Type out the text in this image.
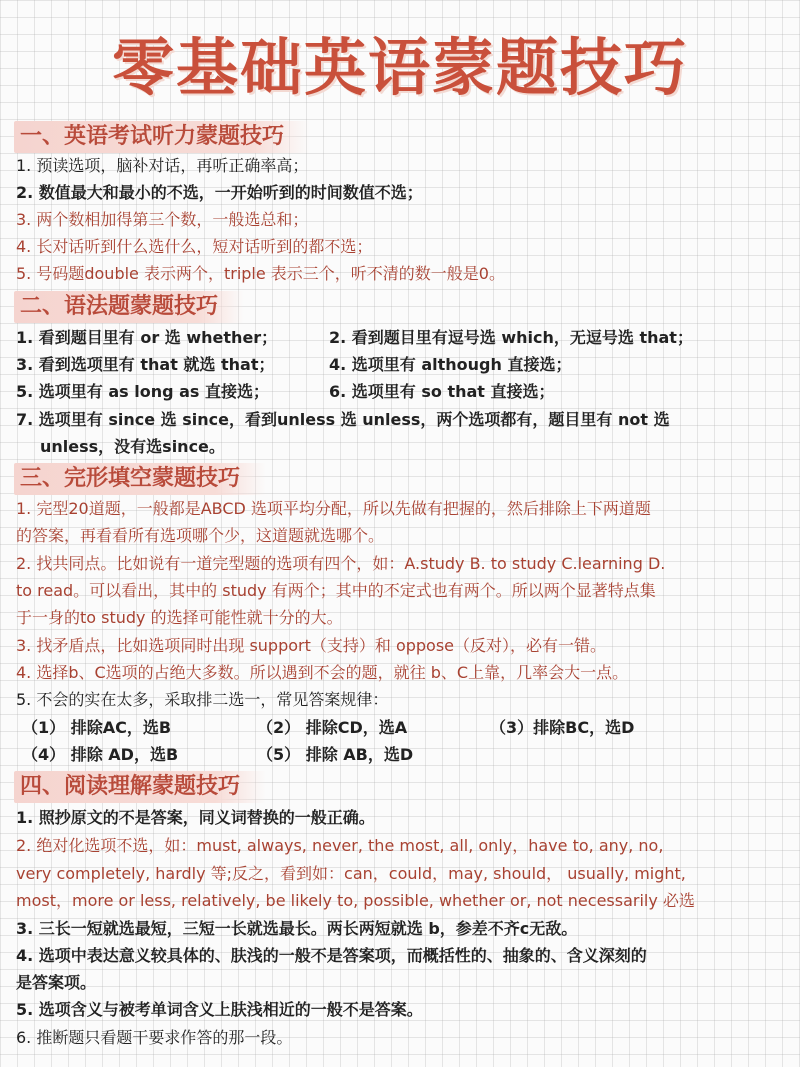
零基础英语蒙题技巧
一、英语考试听力蒙题技巧
1. 预读选项，脑补对话，再听正确率高；
2. 数值最大和最小的不选，一开始听到的时间数值不选；
3. 两个数相加得第三个数，一般选总和；
4. 长对话听到什么选什么，短对话听到的都不选；
5. 号码题double 表示两个，triple 表示三个，听不清的数一般是0。
二、语法题蒙题技巧
1. 看到题目里有 or 选 whether；	2. 看到题目里有逗号选 which，无逗号选 that；
3. 看到选项里有 that 就选 that；	4. 选项里有 although 直接选；
5. 选项里有 as long as 直接选；	6. 选项里有 so that 直接选；
7. 选项里有 since 选 since，看到unless 选 unless，两个选项都有，题目里有 not 选
unless，没有选since。
三、完形填空蒙题技巧
1. 完型20道题，一般都是ABCD 选项平均分配，所以先做有把握的，然后排除上下两道题
的答案，再看看所有选项哪个少，这道题就选哪个。
2. 找共同点。比如说有一道完型题的选项有四个，如：A.study B. to study C.learning D.
to read。可以看出，其中的 study 有两个；其中的不定式也有两个。所以两个显著特点集
于一身的to study 的选择可能性就十分的大。
3. 找矛盾点，比如选项同时出现 support（支持）和 oppose（反对），必有一错。
4. 选择b、C选项的占绝大多数。所以遇到不会的题，就往 b、C上靠，几率会大一点。
5. 不会的实在太多，采取排二选一，常见答案规律：
（1） 排除AC，选B	（2） 排除CD，选A	（3）排除BC，选D
（4） 排除 AD，选B	（5） 排除 AB，选D
四、阅读理解蒙题技巧
1. 照抄原文的不是答案，同义词替换的一般正确。
2. 绝对化选项不选，如：must, always, never, the most, all, only，have to, any, no,
very completely, hardly 等;反之，看到如：can，could，may, should， usually, might,
most，more or less, relatively, be likely to, possible, whether or, not necessarily 必选
3. 三长一短就选最短，三短一长就选最长。两长两短就选 b，参差不齐c无敌。
4. 选项中表达意义较具体的、肤浅的一般不是答案项，而概括性的、抽象的、含义深刻的
是答案项。
5. 选项含义与被考单词含义上肤浅相近的一般不是答案。
6. 推断题只看题干要求作答的那一段。
